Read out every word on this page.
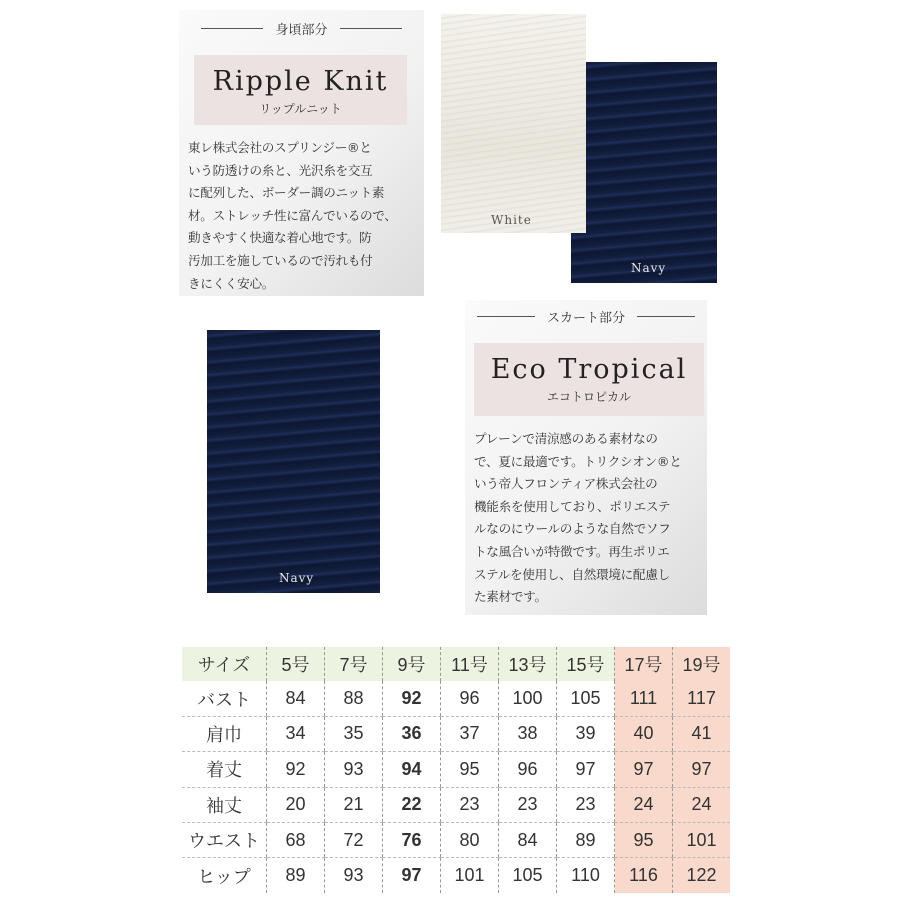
身頃部分
Ripple Knit
リップルニット
東レ株式会社のスプリンジー®と
いう防透けの糸と、光沢糸を交互
に配列した、ボーダー調のニット素
材。ストレッチ性に富んでいるので、
動きやすく快適な着心地です。防
汚加工を施しているので汚れも付
きにくく安心。
Navy
White
Navy
スカート部分
Eco Tropical
エコトロピカル
プレーンで清涼感のある素材なの
で、夏に最適です。トリクシオン®と
いう帝人フロンティア株式会社の
機能糸を使用しており、ポリエステ
ルなのにウールのような自然でソフ
トな風合いが特徴です。再生ポリエ
ステルを使用し、自然環境に配慮し
た素材です。
サイズ	5号	7号	9号	11号	13号	15号	17号	19号
バスト	84	88	92	96	100	105	111	117
肩巾	34	35	36	37	38	39	40	41
着丈	92	93	94	95	96	97	97	97
袖丈	20	21	22	23	23	23	24	24
ウエスト	68	72	76	80	84	89	95	101
ヒップ	89	93	97	101	105	110	116	122
